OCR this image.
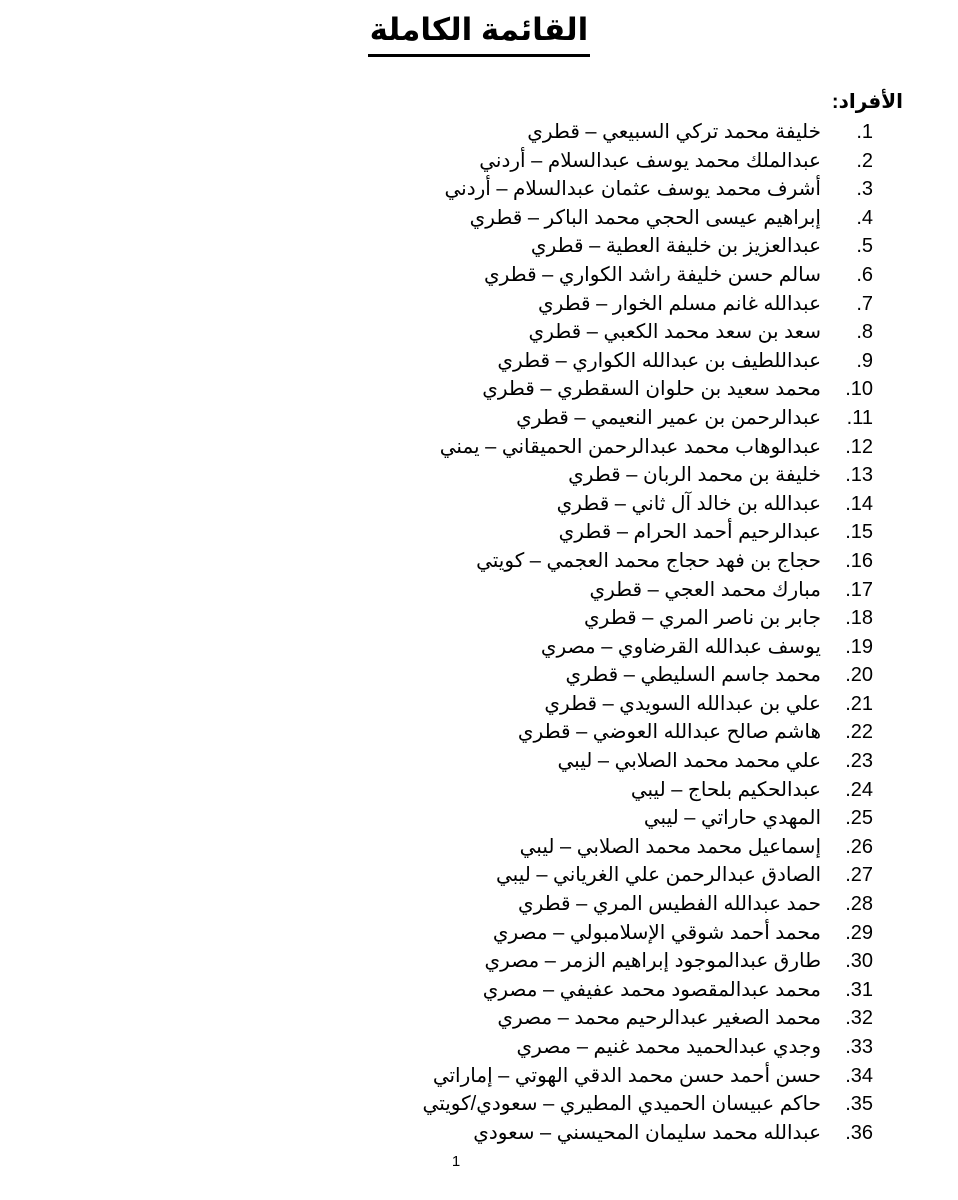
القائمة الكاملة
الأفراد:
1.
خليفة محمد تركي السبيعي – قطري
2.
عبدالملك محمد يوسف عبدالسلام – أردني
3.
أشرف محمد يوسف عثمان عبدالسلام – أردني
4.
إبراهيم عيسى الحجي محمد الباكر – قطري
5.
عبدالعزيز بن خليفة العطية – قطري
6.
سالم حسن خليفة راشد الكواري – قطري
7.
عبدالله غانم مسلم الخوار – قطري
8.
سعد بن سعد محمد الكعبي – قطري
9.
عبداللطيف بن عبدالله الكواري – قطري
10.
محمد سعيد بن حلوان السقطري – قطري
11.
عبدالرحمن بن عمير النعيمي – قطري
12.
عبدالوهاب محمد عبدالرحمن الحميقاني – يمني
13.
خليفة بن محمد الربان – قطري
14.
عبدالله بن خالد آل ثاني – قطري
15.
عبدالرحيم أحمد الحرام – قطري
16.
حجاج بن فهد حجاج محمد العجمي – كويتي
17.
مبارك محمد العجي – قطري
18.
جابر بن ناصر المري – قطري
19.
يوسف عبدالله القرضاوي – مصري
20.
محمد جاسم السليطي – قطري
21.
علي بن عبدالله السويدي – قطري
22.
هاشم صالح عبدالله العوضي – قطري
23.
علي محمد محمد الصلابي – ليبي
24.
عبدالحكيم بلحاج – ليبي
25.
المهدي حاراتي – ليبي
26.
إسماعيل محمد محمد الصلابي – ليبي
27.
الصادق عبدالرحمن علي الغرياني – ليبي
28.
حمد عبدالله الفطيس المري – قطري
29.
محمد أحمد شوقي الإسلامبولي – مصري
30.
طارق عبدالموجود إبراهيم الزمر – مصري
31.
محمد عبدالمقصود محمد عفيفي – مصري
32.
محمد الصغير عبدالرحيم محمد – مصري
33.
وجدي عبدالحميد محمد غنيم – مصري
34.
حسن أحمد حسن محمد الدقي الهوتي – إماراتي
35.
حاكم عبيسان الحميدي المطيري – سعودي/كويتي
36.
عبدالله محمد سليمان المحيسني – سعودي
1
